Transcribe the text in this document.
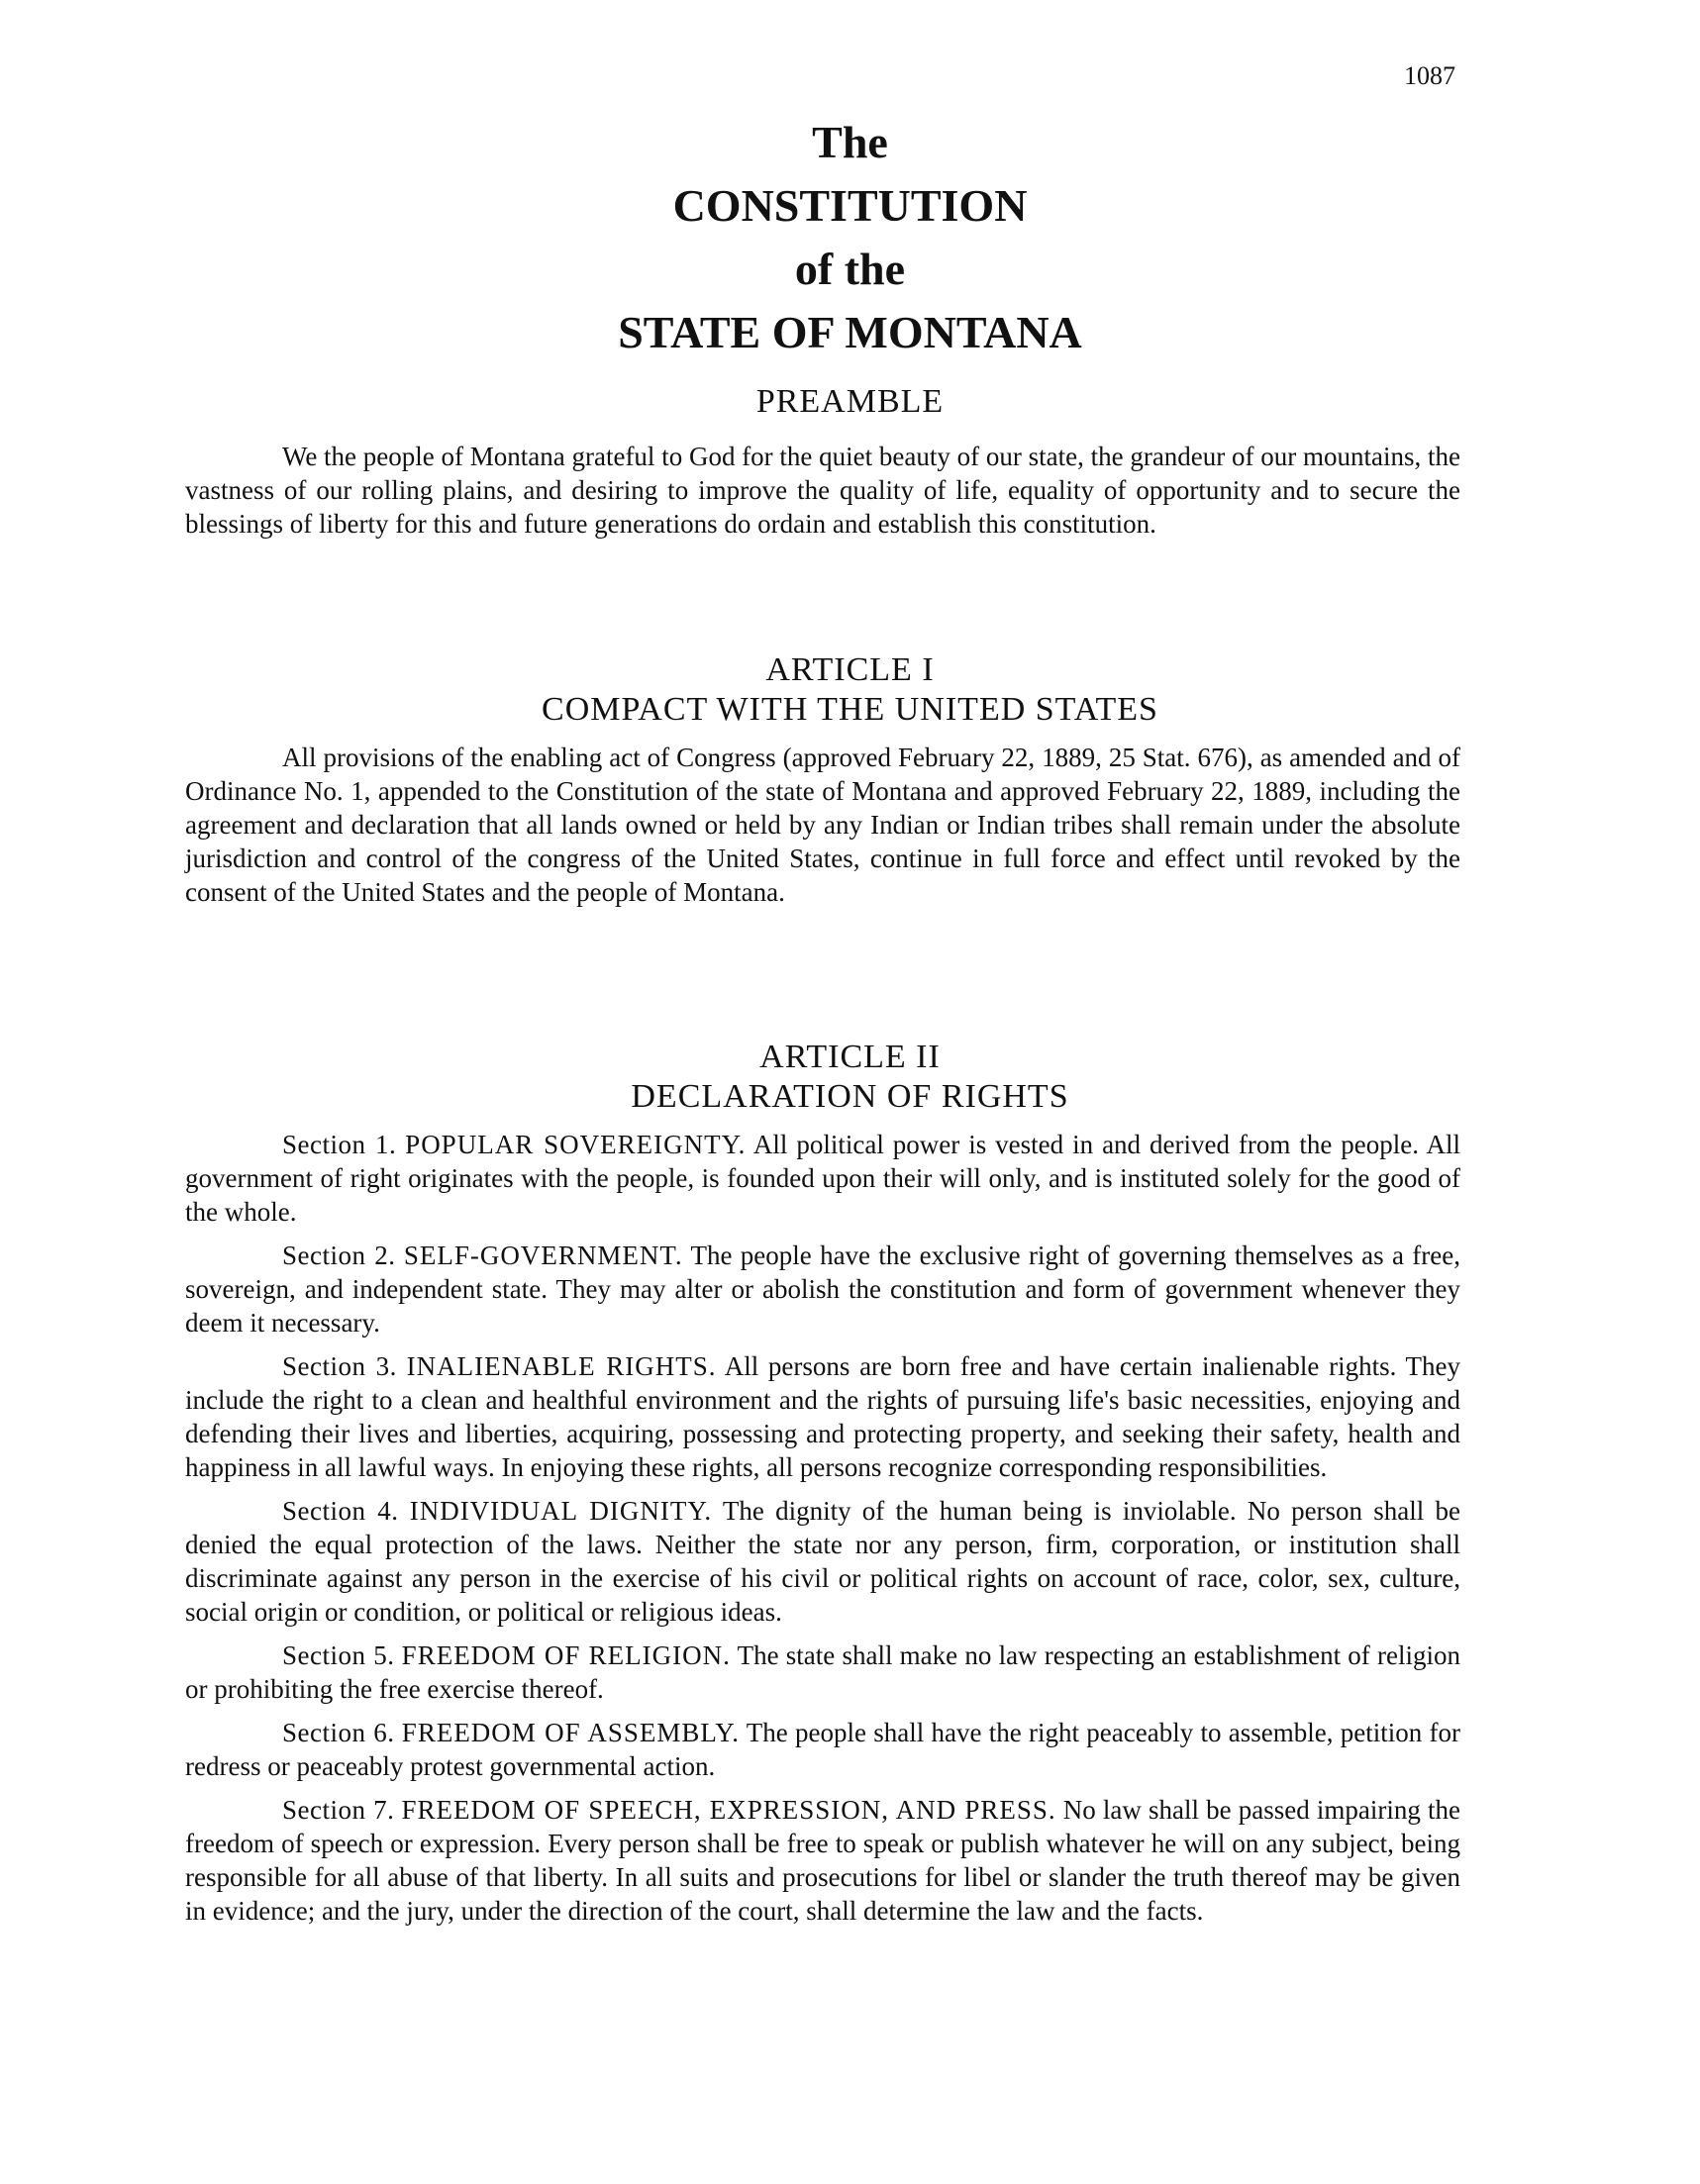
1087
The
CONSTITUTION
of the
STATE OF MONTANA
PREAMBLE

We the people of Montana grateful to God for the quiet beauty of our state, the grandeur of our mountains, the vastness of our rolling plains, and desiring to improve the quality of life, equality of opportunity and to secure the blessings of liberty for this and future generations do ordain and establish this constitution.

ARTICLE I
COMPACT WITH THE UNITED STATES

All provisions of the enabling act of Congress (approved February 22, 1889, 25 Stat. 676), as amended and of Ordinance No. 1, appended to the Constitution of the state of Montana and approved February 22, 1889, including the agreement and declaration that all lands owned or held by any Indian or Indian tribes shall remain under the absolute jurisdiction and control of the congress of the United States, continue in full force and effect until revoked by the consent of the United States and the people of Montana.

ARTICLE II
DECLARATION OF RIGHTS

Section 1. POPULAR SOVEREIGNTY. All political power is vested in and derived from the people. All government of right originates with the people, is founded upon their will only, and is instituted solely for the good of the whole.

Section 2. SELF-GOVERNMENT. The people have the exclusive right of governing themselves as a free, sovereign, and independent state. They may alter or abolish the constitution and form of government whenever they deem it necessary.

Section 3. INALIENABLE RIGHTS. All persons are born free and have certain inalienable rights. They include the right to a clean and healthful environment and the rights of pursuing life's basic necessities, enjoying and defending their lives and liberties, acquiring, possessing and protecting property, and seeking their safety, health and happiness in all lawful ways. In enjoying these rights, all persons recognize corresponding responsibilities.

Section 4. INDIVIDUAL DIGNITY. The dignity of the human being is inviolable. No person shall be denied the equal protection of the laws. Neither the state nor any person, firm, corporation, or institution shall discriminate against any person in the exercise of his civil or political rights on account of race, color, sex, culture, social origin or condition, or political or religious ideas.

Section 5. FREEDOM OF RELIGION. The state shall make no law respecting an establishment of religion or prohibiting the free exercise thereof.

Section 6. FREEDOM OF ASSEMBLY. The people shall have the right peaceably to assemble, petition for redress or peaceably protest governmental action.

Section 7. FREEDOM OF SPEECH, EXPRESSION, AND PRESS. No law shall be passed impairing the freedom of speech or expression. Every person shall be free to speak or publish whatever he will on any subject, being responsible for all abuse of that liberty. In all suits and prosecutions for libel or slander the truth thereof may be given in evidence; and the jury, under the direction of the court, shall determine the law and the facts.
